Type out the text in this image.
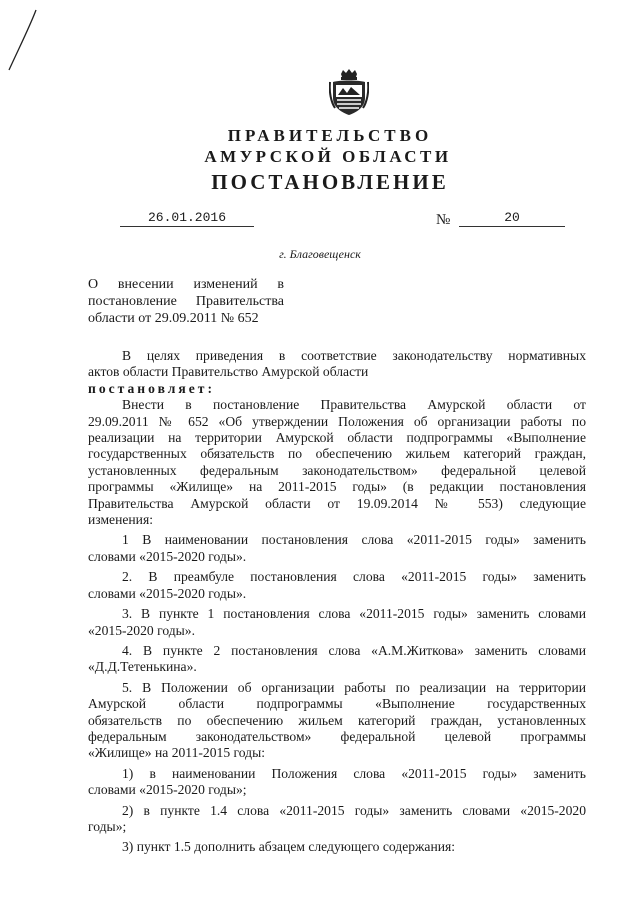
ПРАВИТЕЛЬСТВО
АМУРСКОЙ ОБЛАСТИ
ПОСТАНОВЛЕНИЕ
26.01.2016	№	20
г. Благовещенск
О внесении изменений в
постановление Правительства
области от 29.09.2011 № 652
В целях приведения в соответствие законодательству нормативных
актов области Правительство Амурской области
постановляет:
Внести в постановление Правительства Амурской области от
29.09.2011 № 652 «Об утверждении Положения об организации работы по
реализации на территории Амурской области подпрограммы «Выполнение
государственных обязательств по обеспечению жильем категорий граждан,
установленных федеральным законодательством» федеральной целевой
программы «Жилище» на 2011-2015 годы» (в редакции постановления
Правительства Амурской области от 19.09.2014 № 553) следующие
изменения:
1 В наименовании постановления слова «2011-2015 годы» заменить
словами «2015-2020 годы».
2. В преамбуле постановления слова «2011-2015 годы» заменить
словами «2015-2020 годы».
3. В пункте 1 постановления слова «2011-2015 годы» заменить словами
«2015-2020 годы».
4. В пункте 2 постановления слова «А.М.Житкова» заменить словами
«Д.Д.Тетенькина».
5. В Положении об организации работы по реализации на территории
Амурской области подпрограммы «Выполнение государственных
обязательств по обеспечению жильем категорий граждан, установленных
федеральным законодательством» федеральной целевой программы
«Жилище» на 2011-2015 годы:
1) в наименовании Положения слова «2011-2015 годы» заменить
словами «2015-2020 годы»;
2) в пункте 1.4 слова «2011-2015 годы» заменить словами «2015-2020
годы»;
3) пункт 1.5 дополнить абзацем следующего содержания:
